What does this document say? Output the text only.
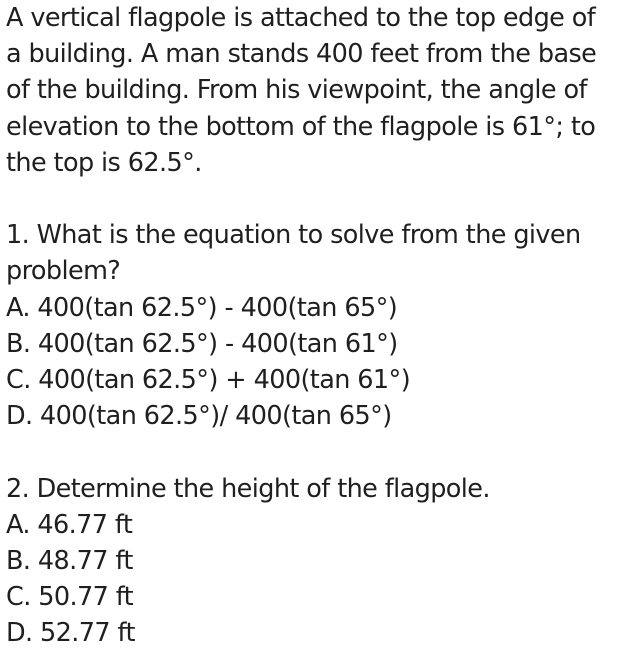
A vertical flagpole is attached to the top edge of
a building. A man stands 400 feet from the base
of the building. From his viewpoint, the angle of
elevation to the bottom of the flagpole is 61°; to
the top is 62.5°.
1. What is the equation to solve from the given
problem?
A. 400(tan 62.5°) - 400(tan 65°)
B. 400(tan 62.5°) - 400(tan 61°)
C. 400(tan 62.5°) + 400(tan 61°)
D. 400(tan 62.5°)/ 400(tan 65°)
2. Determine the height of the flagpole.
A. 46.77 ft
B. 48.77 ft
C. 50.77 ft
D. 52.77 ft
